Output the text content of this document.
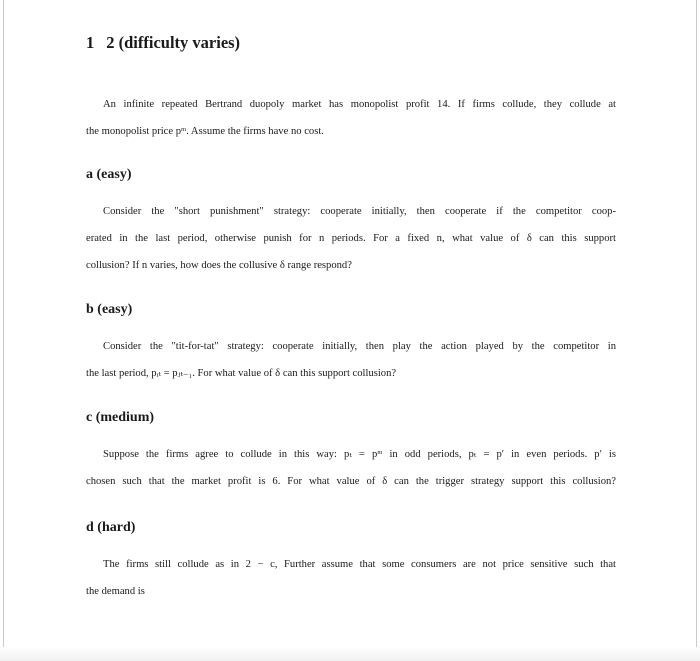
1 2 (difficulty varies)

An infinite repeated Bertrand duopoly market has monopolist profit 14. If firms collude, they collude at
the monopolist price pᵐ. Assume the firms have no cost.

a (easy)

Consider the "short punishment" strategy: cooperate initially, then cooperate if the competitor coop-
erated in the last period, otherwise punish for n periods. For a fixed n, what value of δ can this support
collusion? If n varies, how does the collusive δ range respond?

b (easy)

Consider the "tit-for-tat" strategy: cooperate initially, then play the action played by the competitor in
the last period, pᵢₜ = pⱼₜ₋₁. For what value of δ can this support collusion?

c (medium)

Suppose the firms agree to collude in this way: pₜ = pᵐ in odd periods, pₜ = p′ in even periods. p′ is
chosen such that the market profit is 6. For what value of δ can the trigger strategy support this collusion?

d (hard)

The firms still collude as in 2 − c, Further assume that some consumers are not price sensitive such that
the demand is
